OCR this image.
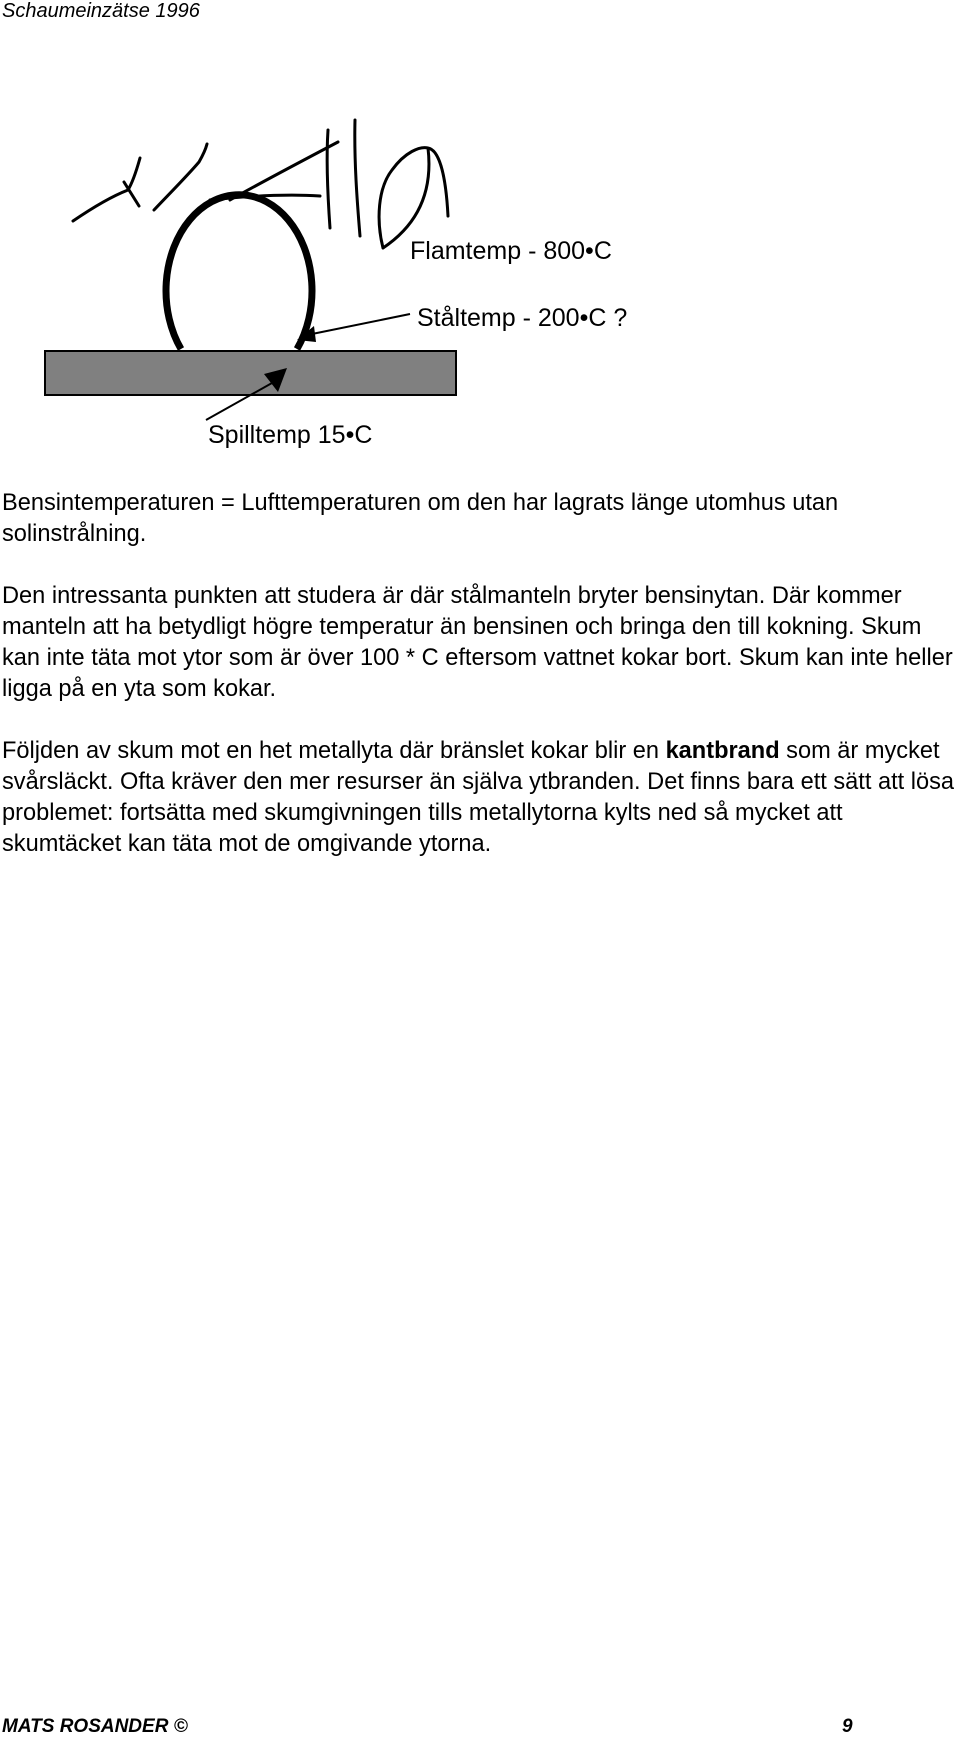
Schaumeinzätse 1996
Flamtemp - 800•C
Ståltemp - 200•C ?
Spilltemp 15•C

Bensintemperaturen = Lufttemperaturen om den har lagrats länge utomhus utan solinstrålning.

Den intressanta punkten att studera är där stålmanteln bryter bensinytan. Där kommer manteln att ha betydligt högre temperatur än bensinen och bringa den till kokning. Skum kan inte täta mot ytor som är över 100 * C eftersom vattnet kokar bort. Skum kan inte heller ligga på en yta som kokar.

Följden av skum mot en het metallyta där bränslet kokar blir en kantbrand som är mycket svårsläckt. Ofta kräver den mer resurser än själva ytbranden. Det finns bara ett sätt att lösa problemet: fortsätta med skumgivningen tills metallytorna kylts ned så mycket att skumtäcket kan täta mot de omgivande ytorna.

MATS ROSANDER ©	9
